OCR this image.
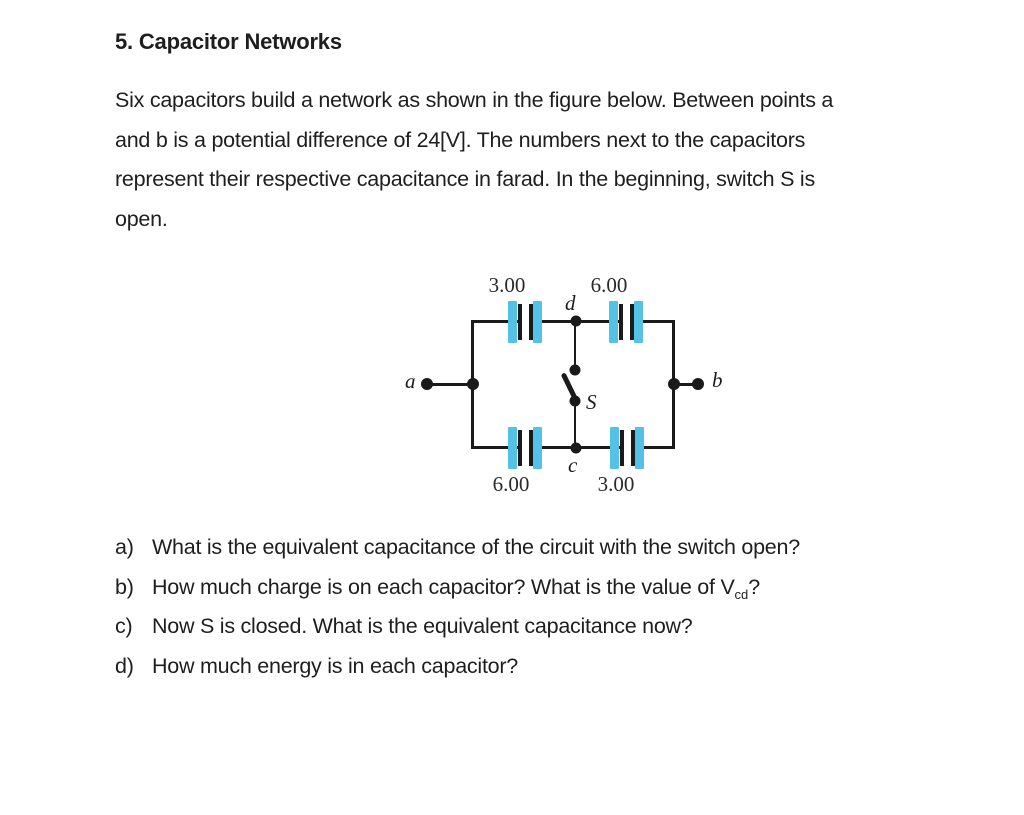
5. Capacitor Networks
Six capacitors build a network as shown in the figure below. Between points a
and b is a potential difference of 24[V]. The numbers next to the capacitors
represent their respective capacitance in farad. In the beginning, switch S is
open.
3.00	6.00
6.00	3.00
a	b
d
c
S
a) What is the equivalent capacitance of the circuit with the switch open?
b) How much charge is on each capacitor? What is the value of $V_{cd}$?
c) Now S is closed. What is the equivalent capacitance now?
d) How much energy is in each capacitor?
